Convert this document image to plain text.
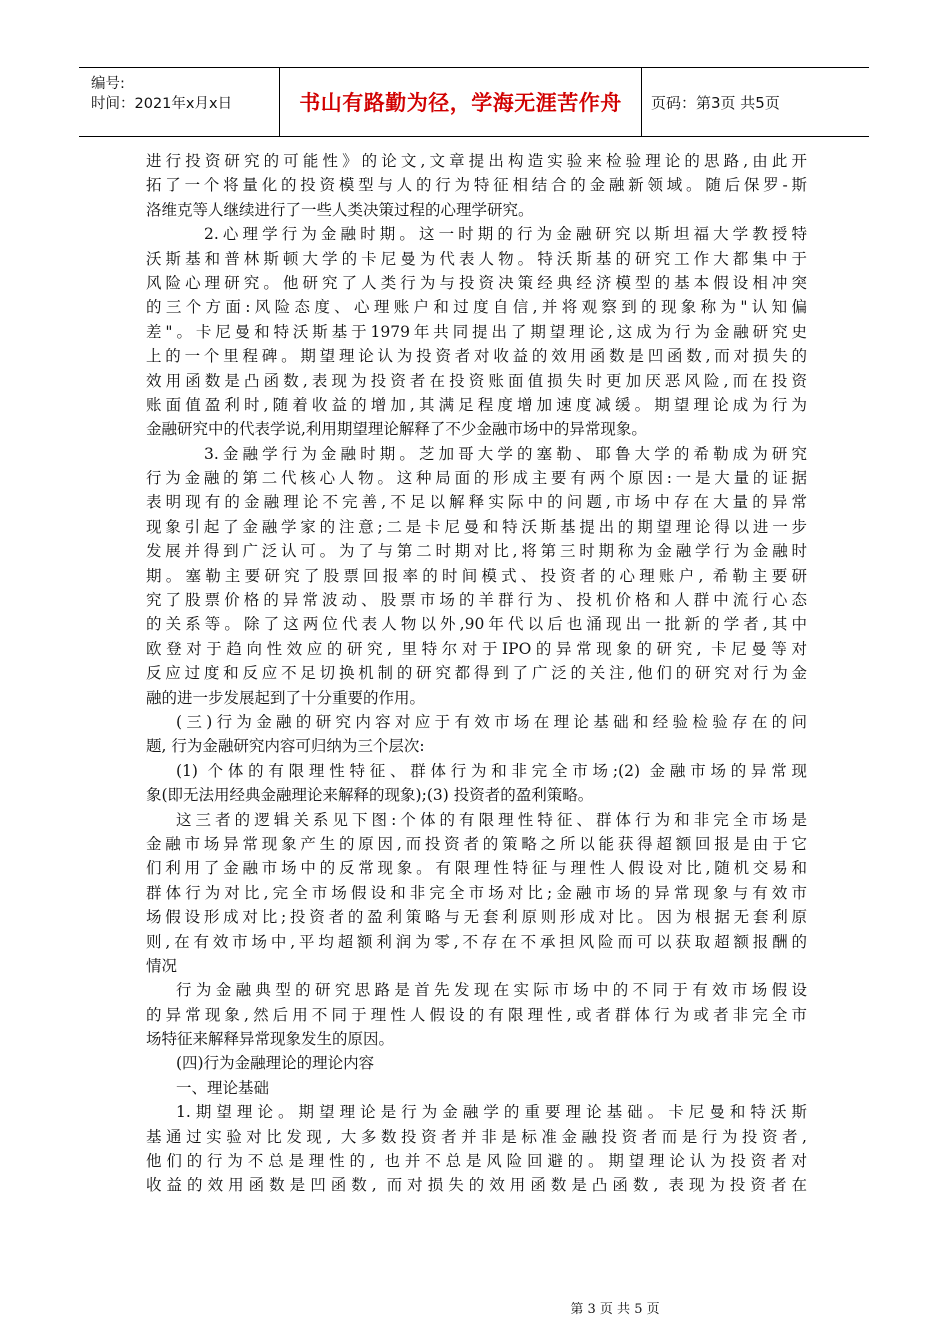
编号:
时间：2021年x月x日	书山有路勤为径，学海无涯苦作舟	页码：第3页 共5页
进行投资研究的可能性》的论文,文章提出构造实验来检验理论的思路,由此开
拓了一个将量化的投资模型与人的行为特征相结合的金融新领域。随后保罗-斯
洛维克等人继续进行了一些人类决策过程的心理学研究。
2.心理学行为金融时期。这一时期的行为金融研究以斯坦福大学教授特
沃斯基和普林斯顿大学的卡尼曼为代表人物。特沃斯基的研究工作大都集中于
风险心理研究。他研究了人类行为与投资决策经典经济模型的基本假设相冲突
的三个方面:风险态度、心理账户和过度自信,并将观察到的现象称为"认知偏
差"。卡尼曼和特沃斯基于1979年共同提出了期望理论,这成为行为金融研究史
上的一个里程碑。期望理论认为投资者对收益的效用函数是凹函数,而对损失的
效用函数是凸函数,表现为投资者在投资账面值损失时更加厌恶风险,而在投资
账面值盈利时,随着收益的增加,其满足程度增加速度减缓。期望理论成为行为
金融研究中的代表学说,利用期望理论解释了不少金融市场中的异常现象。
3.金融学行为金融时期。芝加哥大学的塞勒、耶鲁大学的希勒成为研究
行为金融的第二代核心人物。这种局面的形成主要有两个原因:一是大量的证据
表明现有的金融理论不完善,不足以解释实际中的问题,市场中存在大量的异常
现象引起了金融学家的注意;二是卡尼曼和特沃斯基提出的期望理论得以进一步
发展并得到广泛认可。为了与第二时期对比,将第三时期称为金融学行为金融时
期。塞勒主要研究了股票回报率的时间模式、投资者的心理账户, 希勒主要研
究了股票价格的异常波动、股票市场的羊群行为、投机价格和人群中流行心态
的关系等。除了这两位代表人物以外,90年代以后也涌现出一批新的学者,其中
欧登对于趋向性效应的研究, 里特尔对于IPO的异常现象的研究, 卡尼曼等对
反应过度和反应不足切换机制的研究都得到了广泛的关注,他们的研究对行为金
融的进一步发展起到了十分重要的作用。
(三)行为金融的研究内容对应于有效市场在理论基础和经验检验存在的问
题, 行为金融研究内容可归纳为三个层次:
(1) 个体的有限理性特征、群体行为和非完全市场;(2) 金融市场的异常现
象(即无法用经典金融理论来解释的现象);(3) 投资者的盈利策略。
这三者的逻辑关系见下图:个体的有限理性特征、群体行为和非完全市场是
金融市场异常现象产生的原因,而投资者的策略之所以能获得超额回报是由于它
们利用了金融市场中的反常现象。有限理性特征与理性人假设对比,随机交易和
群体行为对比,完全市场假设和非完全市场对比;金融市场的异常现象与有效市
场假设形成对比;投资者的盈利策略与无套利原则形成对比。因为根据无套利原
则,在有效市场中,平均超额利润为零,不存在不承担风险而可以获取超额报酬的
情况
行为金融典型的研究思路是首先发现在实际市场中的不同于有效市场假设
的异常现象,然后用不同于理性人假设的有限理性,或者群体行为或者非完全市
场特征来解释异常现象发生的原因。
(四)行为金融理论的理论内容
一、理论基础
1.期望理论。期望理论是行为金融学的重要理论基础。卡尼曼和特沃斯
基通过实验对比发现, 大多数投资者并非是标准金融投资者而是行为投资者,
他们的行为不总是理性的, 也并不总是风险回避的。期望理论认为投资者对
收益的效用函数是凹函数, 而对损失的效用函数是凸函数, 表现为投资者在
第 3 页 共 5 页
